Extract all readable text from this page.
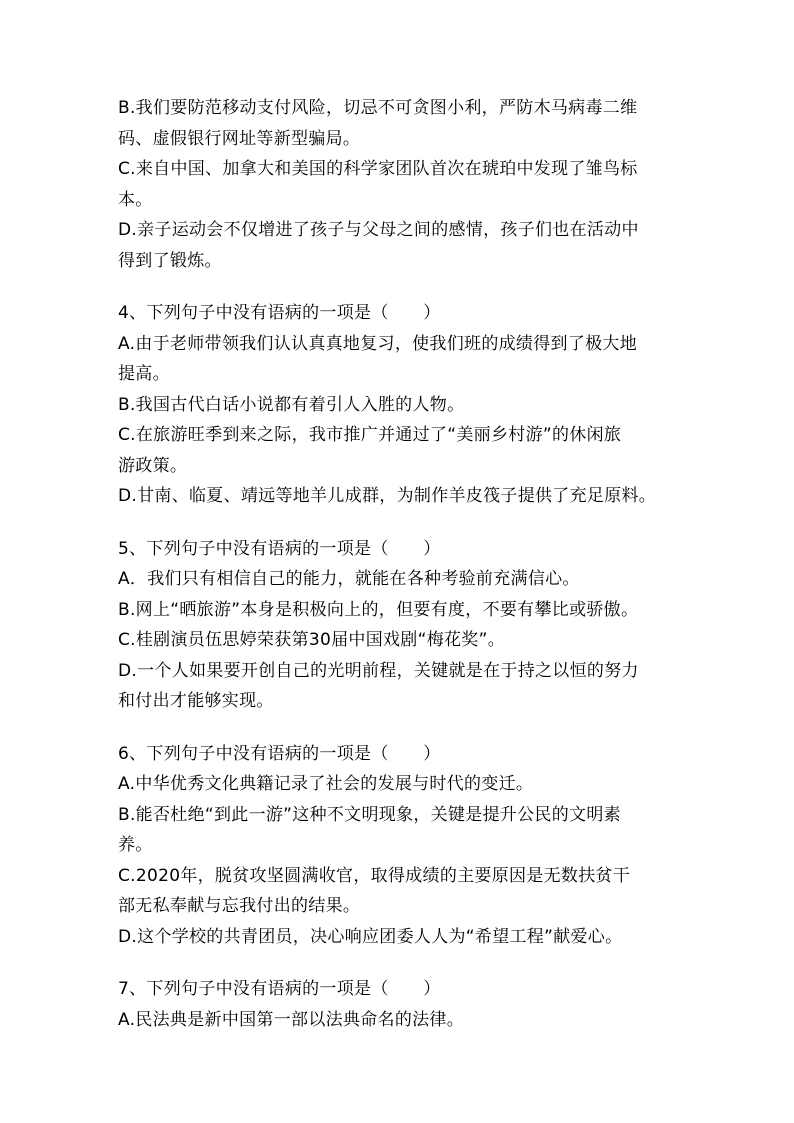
B.我们要防范移动支付风险，切忌不可贪图小利，严防木马病毒二维
码、虚假银行网址等新型骗局。
C.来自中国、加拿大和美国的科学家团队首次在琥珀中发现了雏鸟标
本。
D.亲子运动会不仅增进了孩子与父母之间的感情，孩子们也在活动中
得到了锻炼。
4、下列句子中没有语病的一项是（　　）
A.由于老师带领我们认认真真地复习，使我们班的成绩得到了极大地
提高。
B.我国古代白话小说都有着引人入胜的人物。
C.在旅游旺季到来之际，我市推广并通过了“美丽乡村游”的休闲旅
游政策。
D.甘南、临夏、靖远等地羊儿成群，为制作羊皮筏子提供了充足原料。
5、下列句子中没有语病的一项是（　　）
A．我们只有相信自己的能力，就能在各种考验前充满信心。
B.网上“晒旅游”本身是积极向上的，但要有度，不要有攀比或骄傲。
C.桂剧演员伍思婷荣获第30届中国戏剧“梅花奖”。
D.一个人如果要开创自己的光明前程，关键就是在于持之以恒的努力
和付出才能够实现。
6、下列句子中没有语病的一项是（　　）
A.中华优秀文化典籍记录了社会的发展与时代的变迁。
B.能否杜绝“到此一游”这种不文明现象，关键是提升公民的文明素
养。
C.2020年，脱贫攻坚圆满收官，取得成绩的主要原因是无数扶贫干
部无私奉献与忘我付出的结果。
D.这个学校的共青团员，决心响应团委人人为“希望工程”献爱心。
7、下列句子中没有语病的一项是（　　）
A.民法典是新中国第一部以法典命名的法律。
